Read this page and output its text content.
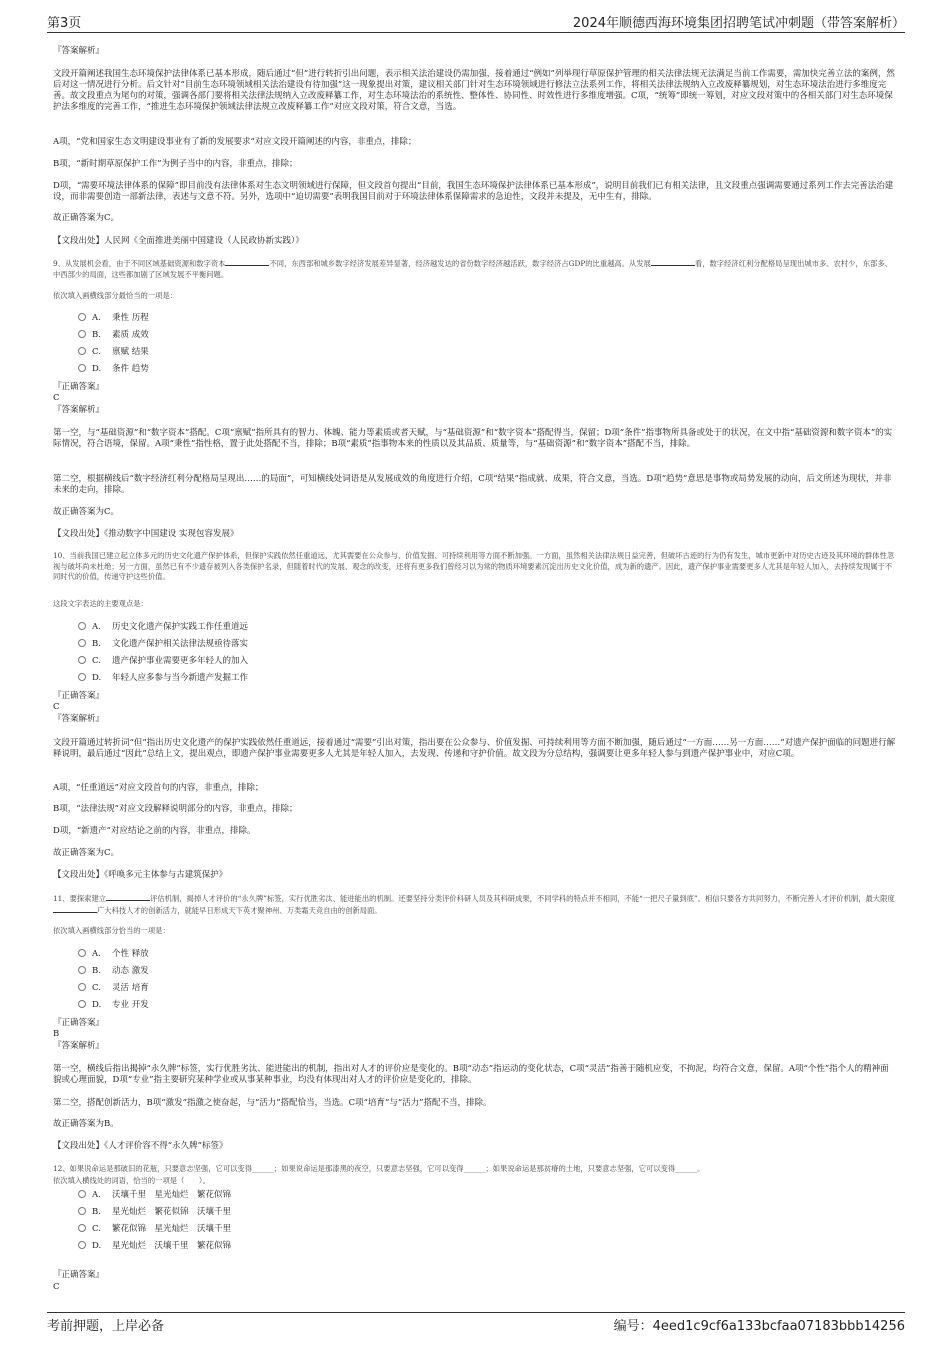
第3页	2024年顺德西海环境集团招聘笔试冲刺题（带答案解析）

『答案解析』

文段开篇阐述我国生态环境保护法律体系已基本形成，随后通过“但”进行转折引出问题，表示相关法治建设仍需加强，接着通过“例如”列举现行草原保护管理的相关法律法规无法满足当前工作需要，需加快完善立法的案例，然后对这一情况进行分析。后文针对“目前生态环境领域相关法治建设有待加强”这一现象提出对策，建议相关部门针对生态环境领域进行修法立法系列工作，将相关法律法规纳入立改废释纂规划，对生态环境法治进行多维度完善。故文段重点为尾句的对策，强调各部门要将相关法律法规纳入立改废释纂工作，对生态环境法治的系统性、整体性、协同性、时效性进行多维度增强。C项，“统筹”即统一筹划，对应文段对策中的各相关部门对生态环境保护法多维度的完善工作，“推进生态环境保护领域法律法规立改废释纂工作”对应文段对策，符合文意，当选。

A项，“党和国家生态文明建设事业有了新的发展要求”对应文段开篇阐述的内容，非重点，排除；

B项，“新时期草原保护工作”为例子当中的内容，非重点，排除；

D项，“需要环境法律体系的保障”即目前没有法律体系对生态文明领域进行保障，但文段首句提出“目前，我国生态环境保护法律体系已基本形成”，说明目前我们已有相关法律，且文段重点强调需要通过系列工作去完善法治建设，而非需要创造一部新法律，表述与文意不符。另外，选项中“迫切需要”表明我国目前对于环境法律体系保障需求的急迫性，文段并未提及，无中生有，排除。

故正确答案为C。

【文段出处】人民网《全面推进美丽中国建设（人民政协新实践）》

9、从发展机会看，由于不同区域基础资源和数字资本	不同，东西部和城乡数字经济发展差异显著，经济越发达的省份数字经济越活跃，数字经济占GDP的比重越高。从发展	看，数字经济红利分配格局呈现出城市多、农村少，东部多、中西部少的局面，这些都加剧了区域发展不平衡问题。

依次填入画横线部分最恰当的一项是：

A. 秉性 历程
B. 素质 成效
C. 禀赋 结果
D. 条件 趋势

『正确答案』

C

『答案解析』

第一空，与“基础资源”和“数字资本”搭配。C项“禀赋”指所具有的智力、体魄、能力等素质或者天赋，与“基础资源”和“数字资本”搭配得当，保留；D项“条件”指事物所具备或处于的状况，在文中指“基础资源和数字资本”的实际情况，符合语境，保留。A项“秉性”指性格，置于此处搭配不当，排除；B项“素质”指事物本来的性质以及其品质、质量等，与“基础资源”和“数字资本”搭配不当，排除。

第二空，根据横线后“数字经济红利分配格局呈现出……的局面”，可知横线处词语是从发展成效的角度进行介绍，C项“结果”指成就、成果，符合文意，当选。D项“趋势”意思是事物或局势发展的动向，后文所述为现状，并非未来的走向，排除。

故正确答案为C。

【文段出处】《推动数字中国建设 实现包容发展》

10、当前我国已建立起立体多元的历史文化遗产保护体系，但保护实践依然任重道远，尤其需要在公众参与、价值发掘、可持续利用等方面不断加强。一方面，虽然相关法律法规日益完善，但破坏古迹的行为仍有发生，城市更新中对历史古迹及其环境的群体性忽视与破坏尚未杜绝；另一方面，虽然已有不少遗存被列入各类保护名录，但随着时代的发展、观念的改变，还将有更多我们曾经习以为常的物质环境要素沉淀出历史文化价值，成为新的遗产。因此，遗产保护事业需要更多人尤其是年轻人加入，去持续发现属于不同时代的价值，传递守护这些价值。

这段文字表达的主要观点是：

A. 历史文化遗产保护实践工作任重道远
B. 文化遗产保护相关法律法规亟待落实
C. 遗产保护事业需要更多年轻人的加入
D. 年轻人应多参与当今新遗产发掘工作

『正确答案』

C

『答案解析』

文段开篇通过转折词“但”指出历史文化遗产的保护实践依然任重道远，接着通过“需要”引出对策，指出要在公众参与、价值发掘、可持续利用等方面不断加强，随后通过“一方面……另一方面……”对遗产保护面临的问题进行解释说明，最后通过“因此”总结上文，提出观点，即遗产保护事业需要更多人尤其是年轻人加入，去发现、传递和守护价值。故文段为分总结构，强调要让更多年轻人参与到遗产保护事业中，对应C项。

A项，“任重道远”对应文段首句的内容，非重点，排除；

B项，“法律法规”对应文段解释说明部分的内容，非重点，排除；

D项，“新遗产”对应结论之前的内容，非重点，排除。

故正确答案为C。

【文段出处】《呼唤多元主体参与古建筑保护》

11、要探索建立	评估机制，揭掉人才评价的“永久牌”标签，实行优胜劣汰、能进能出的机制。还要坚持分类评价科研人员及其科研成果，不同学科的特点并不相同，不能“一把尺子量到底”。相信只要各方共同努力，不断完善人才评价机制，最大限度广大科技人才的创新活力，就能早日形成天下英才聚神州、万类霜天竞自由的创新局面。

依次填入画横线部分恰当的一项是：

A. 个性 释放
B. 动态 激发
C. 灵活 培育
D. 专业 开发

『正确答案』

B

『答案解析』

第一空，横线后指出揭掉“永久牌”标签，实行优胜劣汰、能进能出的机制，指出对人才的评价应是变化的。B项“动态”指运动的变化状态，C项“灵活”指善于随机应变，不拘泥，均符合文意，保留。A项“个性”指个人的精神面貌或心理面貌，D项“专业”指主要研究某种学业或从事某种事业，均没有体现出对人才的评价应是变化的，排除。

第二空，搭配创新活力，B项“激发”指激之使奋起，与“活力”搭配恰当，当选。C项“培育”与“活力”搭配不当，排除。

故正确答案为B。

【文段出处】《人才评价容不得“永久牌”标签》

12、如果说命运是那破旧的花瓶，只要意志坚强，它可以变得______；如果说命运是那漆黑的夜空，只要意志坚强，它可以变得______；如果说命运是那贫瘠的土地，只要意志坚强，它可以变得______。

依次填入横线处的词语，恰当的一项是（　　）。

A. 沃壤千里　星光灿烂　繁花似锦
B. 星光灿烂　繁花似锦　沃壤千里
C. 繁花似锦　星光灿烂　沃壤千里
D. 星光灿烂　沃壤千里　繁花似锦

『正确答案』

C

考前押题，上岸必备	编号：4eed1c9cf6a133bcfaa07183bbb14256
